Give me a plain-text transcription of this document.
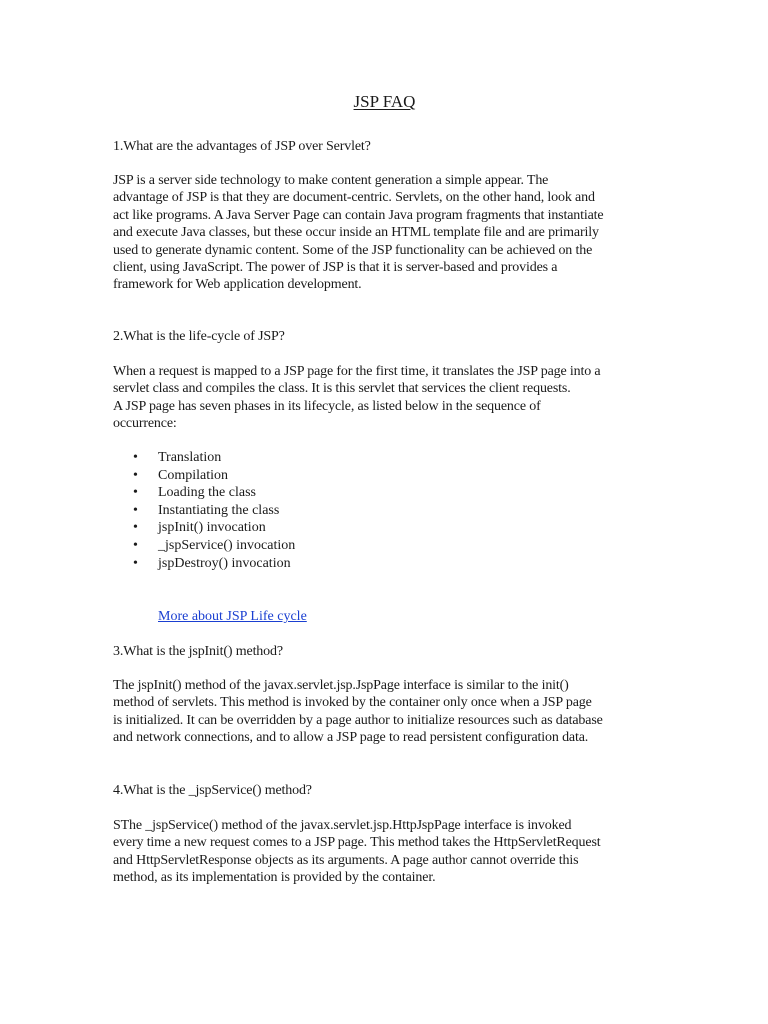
JSP FAQ

1.What are the advantages of JSP over Servlet?

JSP is a server side technology to make content generation a simple appear. The
advantage of JSP is that they are document-centric. Servlets, on the other hand, look and
act like programs. A Java Server Page can contain Java program fragments that instantiate
and execute Java classes, but these occur inside an HTML template file and are primarily
used to generate dynamic content. Some of the JSP functionality can be achieved on the
client, using JavaScript. The power of JSP is that it is server-based and provides a
framework for Web application development.

2.What is the life-cycle of JSP?

When a request is mapped to a JSP page for the first time, it translates the JSP page into a
servlet class and compiles the class. It is this servlet that services the client requests.
A JSP page has seven phases in its lifecycle, as listed below in the sequence of
occurrence:

• Translation
• Compilation
• Loading the class
• Instantiating the class
• jspInit() invocation
• _jspService() invocation
• jspDestroy() invocation
More about JSP Life cycle

3.What is the jspInit() method?

The jspInit() method of the javax.servlet.jsp.JspPage interface is similar to the init()
method of servlets. This method is invoked by the container only once when a JSP page
is initialized. It can be overridden by a page author to initialize resources such as database
and network connections, and to allow a JSP page to read persistent configuration data.

4.What is the _jspService() method?

SThe _jspService() method of the javax.servlet.jsp.HttpJspPage interface is invoked
every time a new request comes to a JSP page. This method takes the HttpServletRequest
and HttpServletResponse objects as its arguments. A page author cannot override this
method, as its implementation is provided by the container.
